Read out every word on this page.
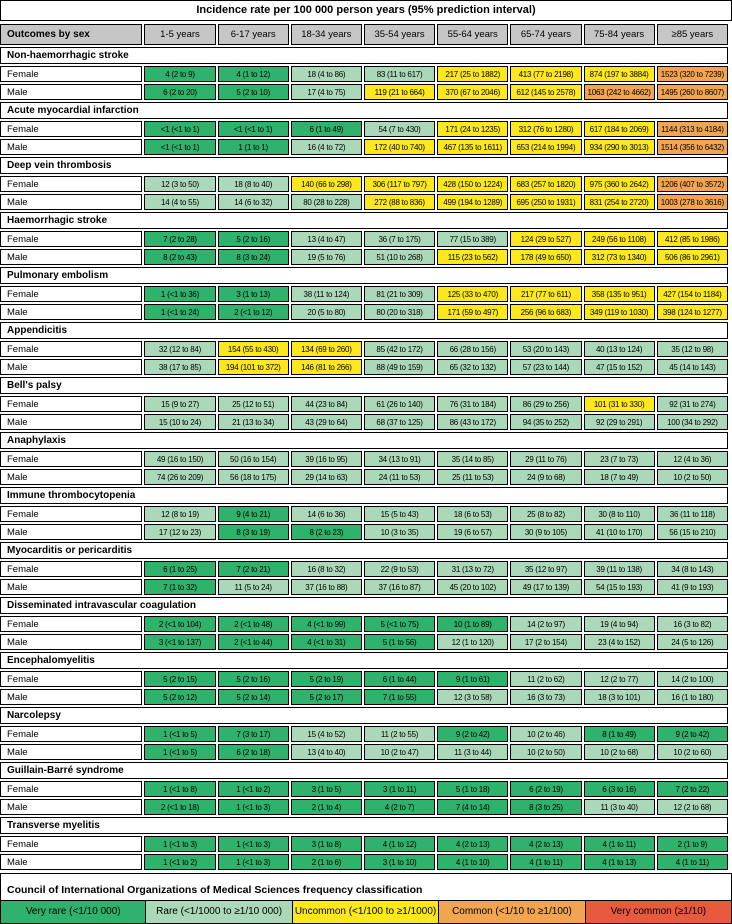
Incidence rate per 100 000 person years (95% prediction interval)
Outcomes by sex	1-5 years	6-17 years	18-34 years	35-54 years	55-64 years	65-74 years	75-84 years	≥85 years
Non-haemorrhagic stroke								
Female	4 (2 to 9)	4 (1 to 12)	18 (4 to 86)	83 (11 to 617)	217 (25 to 1882)	413 (77 to 2198)	874 (197 to 3884)	1523 (320 to 7239)
Male	6 (2 to 20)	5 (2 to 10)	17 (4 to 75)	119 (21 to 664)	370 (67 to 2046)	612 (145 to 2578)	1063 (242 to 4662)	1495 (260 to 8607)
Acute myocardial infarction								
Female	<1 (<1 to 1)	<1 (<1 to 1)	6 (1 to 49)	54 (7 to 430)	171 (24 to 1235)	312 (76 to 1280)	617 (184 to 2069)	1144 (313 to 4184)
Male	<1 (<1 to 1)	1 (1 to 1)	16 (4 to 72)	172 (40 to 740)	467 (135 to 1611)	653 (214 to 1994)	934 (290 to 3013)	1514 (356 to 6432)
Deep vein thrombosis								
Female	12 (3 to 50)	18 (8 to 40)	140 (66 to 298)	306 (117 to 797)	428 (150 to 1224)	683 (257 to 1820)	975 (360 to 2642)	1206 (407 to 3572)
Male	14 (4 to 55)	14 (6 to 32)	80 (28 to 228)	272 (88 to 836)	499 (194 to 1289)	695 (250 to 1931)	831 (254 to 2720)	1003 (278 to 3616)
Haemorrhagic stroke								
Female	7 (2 to 28)	5 (2 to 16)	13 (4 to 47)	36 (7 to 175)	77 (15 to 389)	124 (29 to 527)	249 (56 to 1108)	412 (85 to 1986)
Male	8 (2 to 43)	8 (3 to 24)	19 (5 to 76)	51 (10 to 268)	115 (23 to 562)	178 (49 to 650)	312 (73 to 1340)	506 (86 to 2961)
Pulmonary embolism								
Female	1 (<1 to 36)	3 (1 to 13)	38 (11 to 124)	81 (21 to 309)	125 (33 to 470)	217 (77 to 611)	358 (135 to 951)	427 (154 to 1184)
Male	1 (<1 to 24)	2 (<1 to 12)	20 (5 to 80)	80 (20 to 318)	171 (59 to 497)	256 (96 to 683)	349 (119 to 1030)	398 (124 to 1277)
Appendicitis								
Female	32 (12 to 84)	154 (55 to 430)	134 (69 to 260)	85 (42 to 172)	66 (28 to 156)	53 (20 to 143)	40 (13 to 124)	35 (12 to 98)
Male	38 (17 to 85)	194 (101 to 372)	146 (81 to 266)	88 (49 to 159)	65 (32 to 132)	57 (23 to 144)	47 (15 to 152)	45 (14 to 143)
Bell's palsy								
Female	15 (9 to 27)	25 (12 to 51)	44 (23 to 84)	61 (26 to 140)	76 (31 to 184)	86 (29 to 256)	101 (31 to 330)	92 (31 to 274)
Male	15 (10 to 24)	21 (13 to 34)	43 (29 to 64)	68 (37 to 125)	86 (43 to 172)	94 (35 to 252)	92 (29 to 291)	100 (34 to 292)
Anaphylaxis								
Female	49 (16 to 150)	50 (16 to 154)	39 (16 to 95)	34 (13 to 91)	35 (14 to 85)	29 (11 to 76)	23 (7 to 73)	12 (4 to 36)
Male	74 (26 to 209)	56 (18 to 175)	29 (14 to 63)	24 (11 to 53)	25 (11 to 53)	24 (9 to 68)	18 (7 to 49)	10 (2 to 50)
Immune thrombocytopenia								
Female	12 (8 to 19)	9 (4 to 21)	14 (6 to 36)	15 (5 to 43)	18 (6 to 53)	25 (8 to 82)	30 (8 to 110)	36 (11 to 118)
Male	17 (12 to 23)	8 (3 to 19)	8 (2 to 23)	10 (3 to 35)	19 (6 to 57)	30 (9 to 105)	41 (10 to 170)	56 (15 to 210)
Myocarditis or pericarditis								
Female	6 (1 to 25)	7 (2 to 21)	16 (8 to 32)	22 (9 to 53)	31 (13 to 72)	35 (12 to 97)	39 (11 to 138)	34 (8 to 143)
Male	7 (1 to 32)	11 (5 to 24)	37 (16 to 88)	37 (16 to 87)	45 (20 to 102)	49 (17 to 139)	54 (15 to 193)	41 (9 to 193)
Disseminated intravascular coagulation								
Female	2 (<1 to 104)	2 (<1 to 48)	4 (<1 to 99)	5 (<1 to 75)	10 (1 to 89)	14 (2 to 97)	19 (4 to 94)	16 (3 to 82)
Male	3 (<1 to 137)	2 (<1 to 44)	4 (<1 to 31)	5 (1 to 56)	12 (1 to 120)	17 (2 to 154)	23 (4 to 152)	24 (5 to 126)
Encephalomyelitis								
Female	5 (2 to 15)	5 (2 to 16)	5 (2 to 19)	6 (1 to 44)	9 (1 to 61)	11 (2 to 62)	12 (2 to 77)	14 (2 to 100)
Male	5 (2 to 12)	5 (2 to 14)	5 (2 to 17)	7 (1 to 55)	12 (3 to 58)	16 (3 to 73)	18 (3 to 101)	16 (1 to 180)
Narcolepsy								
Female	1 (<1 to 5)	7 (3 to 17)	15 (4 to 52)	11 (2 to 55)	9 (2 to 42)	10 (2 to 46)	8 (1 to 49)	9 (2 to 42)
Male	1 (<1 to 5)	6 (2 to 18)	13 (4 to 40)	10 (2 to 47)	11 (3 to 44)	10 (2 to 50)	10 (2 to 68)	10 (2 to 60)
Guillain-Barré syndrome								
Female	1 (<1 to 8)	1 (<1 to 2)	3 (1 to 5)	3 (1 to 11)	5 (1 to 18)	6 (2 to 19)	6 (3 to 16)	7 (2 to 22)
Male	2 (<1 to 18)	1 (<1 to 3)	2 (1 to 4)	4 (2 to 7)	7 (4 to 14)	8 (3 to 25)	11 (3 to 40)	12 (2 to 68)
Transverse myelitis								
Female	1 (<1 to 3)	1 (<1 to 3)	3 (1 to 8)	4 (1 to 12)	4 (2 to 13)	4 (2 to 13)	4 (1 to 11)	2 (1 to 9)
Male	1 (<1 to 2)	1 (<1 to 3)	2 (1 to 6)	3 (1 to 10)	4 (1 to 10)	4 (1 to 11)	4 (1 to 13)	4 (1 to 11)
Council of International Organizations of Medical Sciences frequency classification
Very rare (<1/10 000)	Rare (<1/1000 to ≥1/10 000)	Uncommon (<1/100 to ≥1/1000)	Common (<1/10 to ≥1/100)	Very common (≥1/10)
